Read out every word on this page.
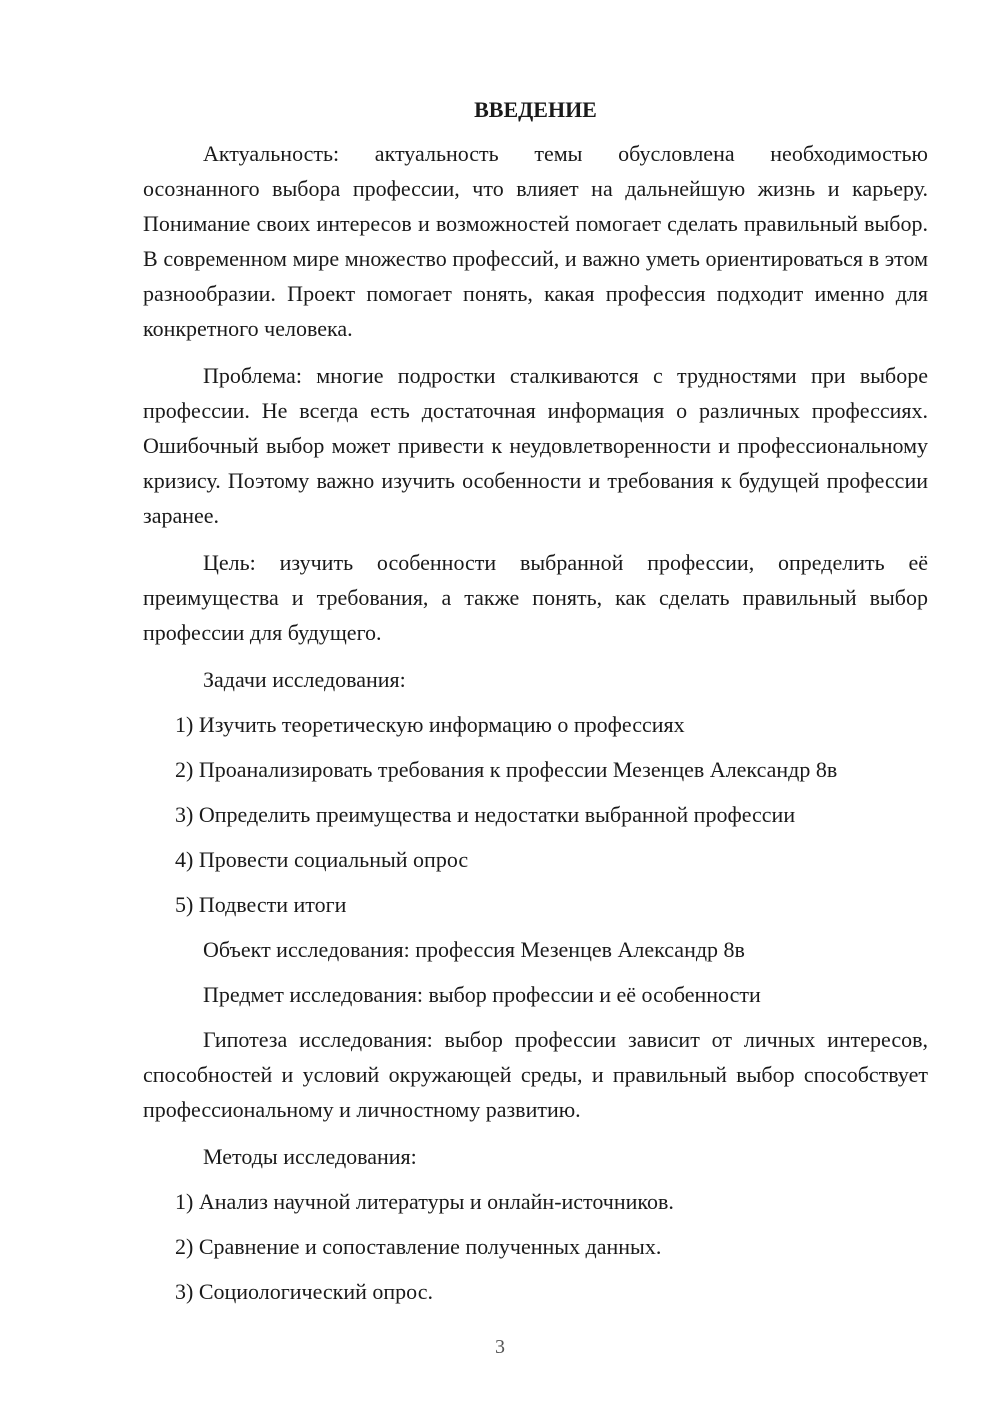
ВВЕДЕНИЕ

Актуальность: актуальность темы обусловлена необходимостью осознанного выбора профессии, что влияет на дальнейшую жизнь и карьеру. Понимание своих интересов и возможностей помогает сделать правильный выбор. В современном мире множество профессий, и важно уметь ориентироваться в этом разнообразии. Проект помогает понять, какая профессия подходит именно для конкретного человека.

Проблема: многие подростки сталкиваются с трудностями при выборе профессии. Не всегда есть достаточная информация о различных профессиях. Ошибочный выбор может привести к неудовлетворенности и профессиональному кризису. Поэтому важно изучить особенности и требования к будущей профессии заранее.

Цель: изучить особенности выбранной профессии, определить её преимущества и требования, а также понять, как сделать правильный выбор профессии для будущего.

Задачи исследования:
1) Изучить теоретическую информацию о профессиях
2) Проанализировать требования к профессии Мезенцев Александр 8в
3) Определить преимущества и недостатки выбранной профессии
4) Провести социальный опрос
5) Подвести итоги
Объект исследования: профессия Мезенцев Александр 8в
Предмет исследования: выбор профессии и её особенности

Гипотеза исследования: выбор профессии зависит от личных интересов, способностей и условий окружающей среды, и правильный выбор способствует профессиональному и личностному развитию.

Методы исследования:
1) Анализ научной литературы и онлайн-источников.
2) Сравнение и сопоставление полученных данных.
3) Социологический опрос.
3
